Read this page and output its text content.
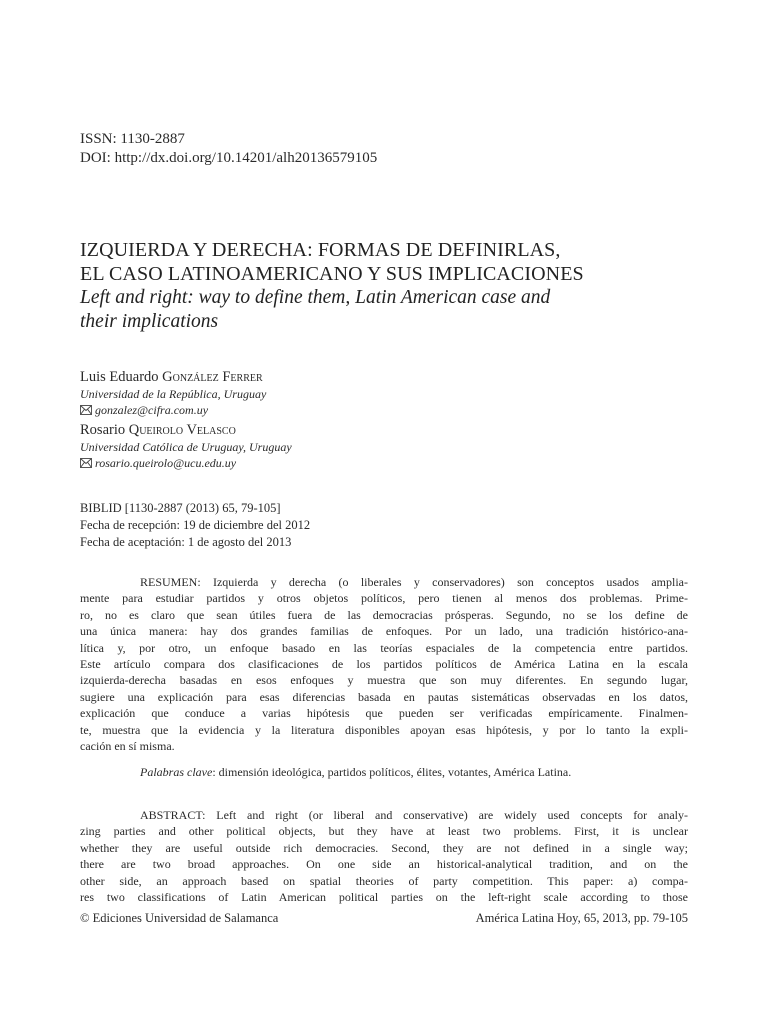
ISSN: 1130-2887
DOI: http://dx.doi.org/10.14201/alh20136579105
IZQUIERDA Y DERECHA: FORMAS DE DEFINIRLAS,
EL CASO LATINOAMERICANO Y SUS IMPLICACIONES
Left and right: way to define them, Latin American case and
their implications
Luis Eduardo González Ferrer
Universidad de la República, Uruguay
gonzalez@cifra.com.uy
Rosario Queirolo Velasco
Universidad Católica de Uruguay, Uruguay
rosario.queirolo@ucu.edu.uy
BIBLID [1130-2887 (2013) 65, 79-105]
Fecha de recepción: 19 de diciembre del 2012
Fecha de aceptación: 1 de agosto del 2013
RESUMEN: Izquierda y derecha (o liberales y conservadores) son conceptos usados amplia-
mente para estudiar partidos y otros objetos políticos, pero tienen al menos dos problemas. Prime-
ro, no es claro que sean útiles fuera de las democracias prósperas. Segundo, no se los define de
una única manera: hay dos grandes familias de enfoques. Por un lado, una tradición histórico-ana-
lítica y, por otro, un enfoque basado en las teorías espaciales de la competencia entre partidos.
Este artículo compara dos clasificaciones de los partidos políticos de América Latina en la escala
izquierda-derecha basadas en esos enfoques y muestra que son muy diferentes. En segundo lugar,
sugiere una explicación para esas diferencias basada en pautas sistemáticas observadas en los datos,
explicación que conduce a varias hipótesis que pueden ser verificadas empíricamente. Finalmen-
te, muestra que la evidencia y la literatura disponibles apoyan esas hipótesis, y por lo tanto la expli-
cación en sí misma.

Palabras clave: dimensión ideológica, partidos políticos, élites, votantes, América Latina.

ABSTRACT: Left and right (or liberal and conservative) are widely used concepts for analy-
zing parties and other political objects, but they have at least two problems. First, it is unclear
whether they are useful outside rich democracies. Second, they are not defined in a single way;
there are two broad approaches. On one side an historical-analytical tradition, and on the
other side, an approach based on spatial theories of party competition. This paper: a) compa-
res two classifications of Latin American political parties on the left-right scale according to those
© Ediciones Universidad de Salamanca	América Latina Hoy, 65, 2013, pp. 79-105
